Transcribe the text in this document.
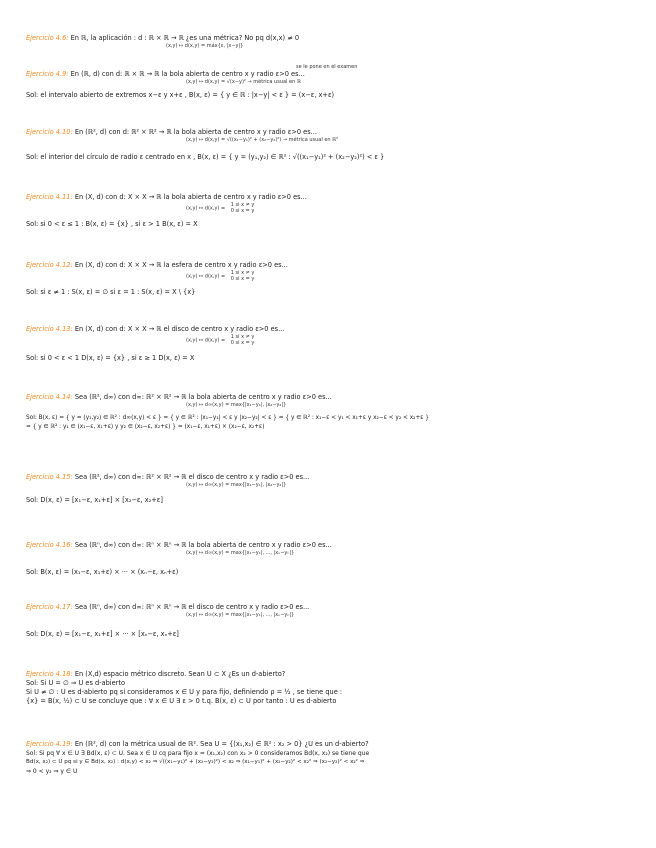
Ejercicio 4.6: En ℝ, la aplicación : d : ℝ × ℝ → ℝ ¿es una métrica? No pq d(x,x) ≠ 0
(x,y) ↦ d(x,y) = máx{ε, |x−y|}
se le pone en el examen
Ejercicio 4.9: En (ℝ, d) con d: ℝ × ℝ → ℝ la bola abierta de centro x y radio ε>0 es...
(x,y) ↦ d(x,y) = √(x−y)² → métrica usual en ℝ
Sol: el intervalo abierto de extremos x−ε y x+ε , B(x, ε) = { y ∈ ℝ : |x−y| < ε } = (x−ε, x+ε)
Ejercicio 4.10: En (ℝ², d) con d: ℝ² × ℝ² → ℝ la bola abierta de centro x y radio ε>0 es...
(x,y) ↦ d(x,y) = √((x₁−y₁)² + (x₂−y₂)²) → métrica usual en ℝ²
Sol: el interior del círculo de radio ε centrado en x , B(x, ε) = { y = (y₁,y₂) ∈ ℝ² : √((x₁−y₁)² + (x₂−y₂)²) < ε }
Ejercicio 4.11: En (X, d) con d: X × X → ℝ la bola abierta de centro x y radio ε>0 es...
(x,y) ↦ d(x,y) =
1 si x ≠ y
0 si x = y
Sol: si 0 < ε ≤ 1 : B(x, ε) = {x} , si ε > 1 B(x, ε) = X
Ejercicio 4.12: En (X, d) con d: X × X → ℝ la esfera de centro x y radio ε>0 es...
(x,y) ↦ d(x,y) =
1 si x ≠ y
0 si x = y
Sol: si ε ≠ 1 : S(x, ε) = ∅ si ε = 1 : S(x, ε) = X \ {x}
Ejercicio 4.13: En (X, d) con d: X × X → ℝ el disco de centro x y radio ε>0 es...
(x,y) ↦ d(x,y) =
1 si x ≠ y
0 si x = y
Sol: si 0 < ε < 1 D(x, ε) = {x} , si ε ≥ 1 D(x, ε) = X
Ejercicio 4.14: Sea (ℝ², d∞) con d∞: ℝ² × ℝ² → ℝ la bola abierta de centro x y radio ε>0 es...
(x,y) ↦ d∞(x,y) = max{|x₁−y₁|, |x₂−y₂|}
Sol: B(x, ε) = { y = (y₁,y₂) ∈ ℝ² : d∞(x,y) < ε } = { y ∈ ℝ² : |x₁−y₁| < ε y |x₂−y₂| < ε } = { y ∈ ℝ² : x₁−ε < y₁ < x₁+ε y x₂−ε < y₂ < x₂+ε }
= { y ∈ ℝ² : y₁ ∈ (x₁−ε, x₁+ε) y y₂ ∈ (x₂−ε, x₂+ε) } = (x₁−ε, x₁+ε) × (x₂−ε, x₂+ε)
Ejercicio 4.15: Sea (ℝ², d∞) con d∞: ℝ² × ℝ² → ℝ el disco de centro x y radio ε>0 es...
(x,y) ↦ d∞(x,y) = max{|x₁−y₁|, |x₂−y₂|}
Sol: D(x, ε) = [x₁−ε, x₁+ε] × [x₂−ε, x₂+ε]
Ejercicio 4.16: Sea (ℝⁿ, d∞) con d∞: ℝⁿ × ℝⁿ → ℝ la bola abierta de centro x y radio ε>0 es...
(x,y) ↦ d∞(x,y) = max{|x₁−y₁|, ..., |xₙ−yₙ|}
Sol: B(x, ε) = (x₁−ε, x₁+ε) × ··· × (xₙ−ε, xₙ+ε)
Ejercicio 4.17: Sea (ℝⁿ, d∞) con d∞: ℝⁿ × ℝⁿ → ℝ el disco de centro x y radio ε>0 es...
(x,y) ↦ d∞(x,y) = max{|x₁−y₁|, ..., |xₙ−yₙ|}
Sol: D(x, ε) = [x₁−ε, x₁+ε] × ··· × [xₙ−ε, xₙ+ε]
Ejercicio 4.18: En (X,d) espacio métrico discreto. Sean U ⊂ X ¿Es un d-abierto?
Sol: Si U = ∅ ⇒ U es d-abierto
Si U ≠ ∅ : U es d-abierto pq si consideramos x ∈ U y para fijo, definiendo ρ = ½ , se tiene que :
{x} = B(x, ½) ⊂ U se concluye que : ∀ x ∈ U ∃ ε > 0 t.q. B(x, ε) ⊂ U por tanto : U es d-abierto
Ejercicio 4.19: En (ℝ², d) con la métrica usual de ℝ². Sea U = {(x₁,x₂) ∈ ℝ² : x₂ > 0} ¿U es un d-abierto?
Sol: Si pq ∀ x ∈ U ∃ Bd(x, ε) ⊂ U. Sea x ∈ U cq para fijo x = (x₁,x₂) con x₂ > 0 consideramos Bd(x, x₂) se tiene que
Bd(x, x₂) ⊂ U pq si y ∈ Bd(x, x₂) : d(x,y) < x₂ ⇒ √((x₁−y₁)² + (x₂−y₂)²) < x₂ ⇒ (x₁−y₁)² + (x₂−y₂)² < x₂² ⇒ (x₂−y₂)² < x₂² ⇒
⇒ 0 < y₂ ⇒ y ∈ U
